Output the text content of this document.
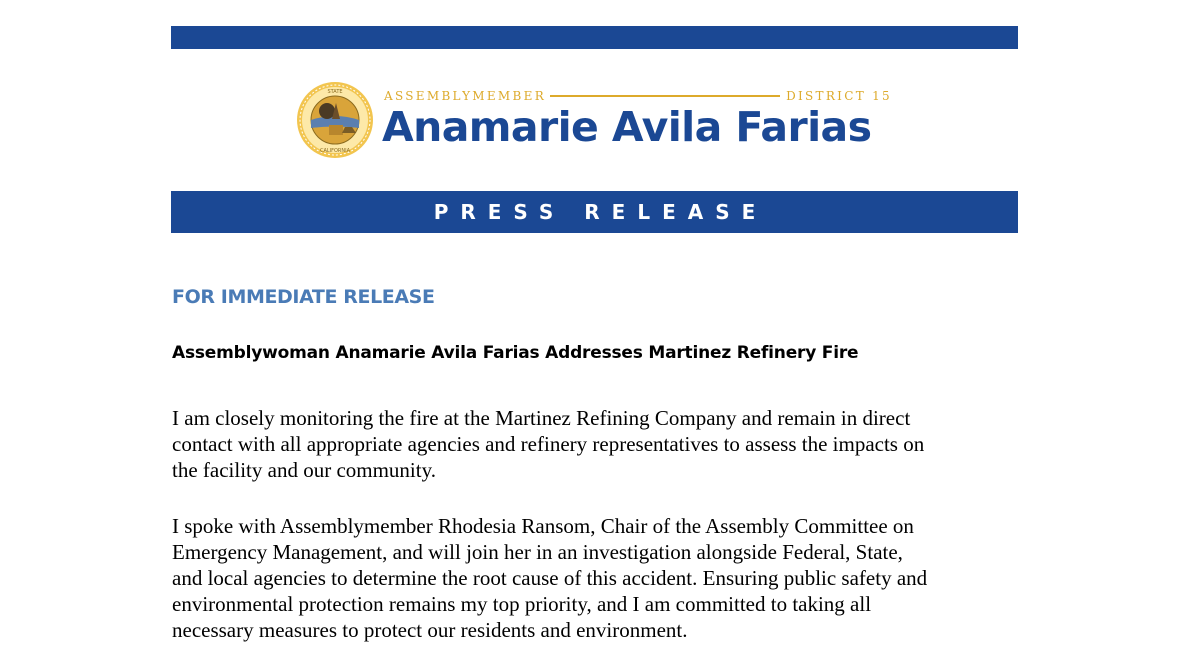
STATE
CALIFORNIA
ASSEMBLYMEMBER	DISTRICT 15
Anamarie Avila Farias
PRESS RELEASE
FOR IMMEDIATE RELEASE
Assemblywoman Anamarie Avila Farias Addresses Martinez Refinery Fire
I am closely monitoring the fire at the Martinez Refining Company and remain in direct
contact with all appropriate agencies and refinery representatives to assess the impacts on
the facility and our community.
I spoke with Assemblymember Rhodesia Ransom, Chair of the Assembly Committee on
Emergency Management, and will join her in an investigation alongside Federal, State,
and local agencies to determine the root cause of this accident. Ensuring public safety and
environmental protection remains my top priority, and I am committed to taking all
necessary measures to protect our residents and environment.
